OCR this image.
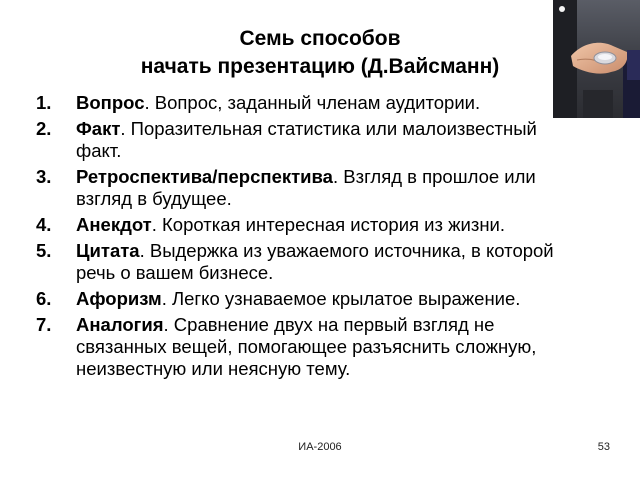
Семь способов
начать презентацию (Д.Вайсманн)
1.	Вопрос. Вопрос, заданный членам аудитории.
2.	Факт. Поразительная статистика или малоизвестный факт.
3.	Ретроспектива/перспектива. Взгляд в прошлое или взгляд в будущее.
4.	Анекдот. Короткая интересная история из жизни.
5.	Цитата. Выдержка из уважаемого источника, в которой речь о вашем бизнесе.
6.	Афоризм. Легко узнаваемое крылатое выражение.
7.	Аналогия. Сравнение двух на первый взгляд не связанных вещей, помогающее разъяснить сложную, неизвестную или неясную тему.
ИА-2006	53
